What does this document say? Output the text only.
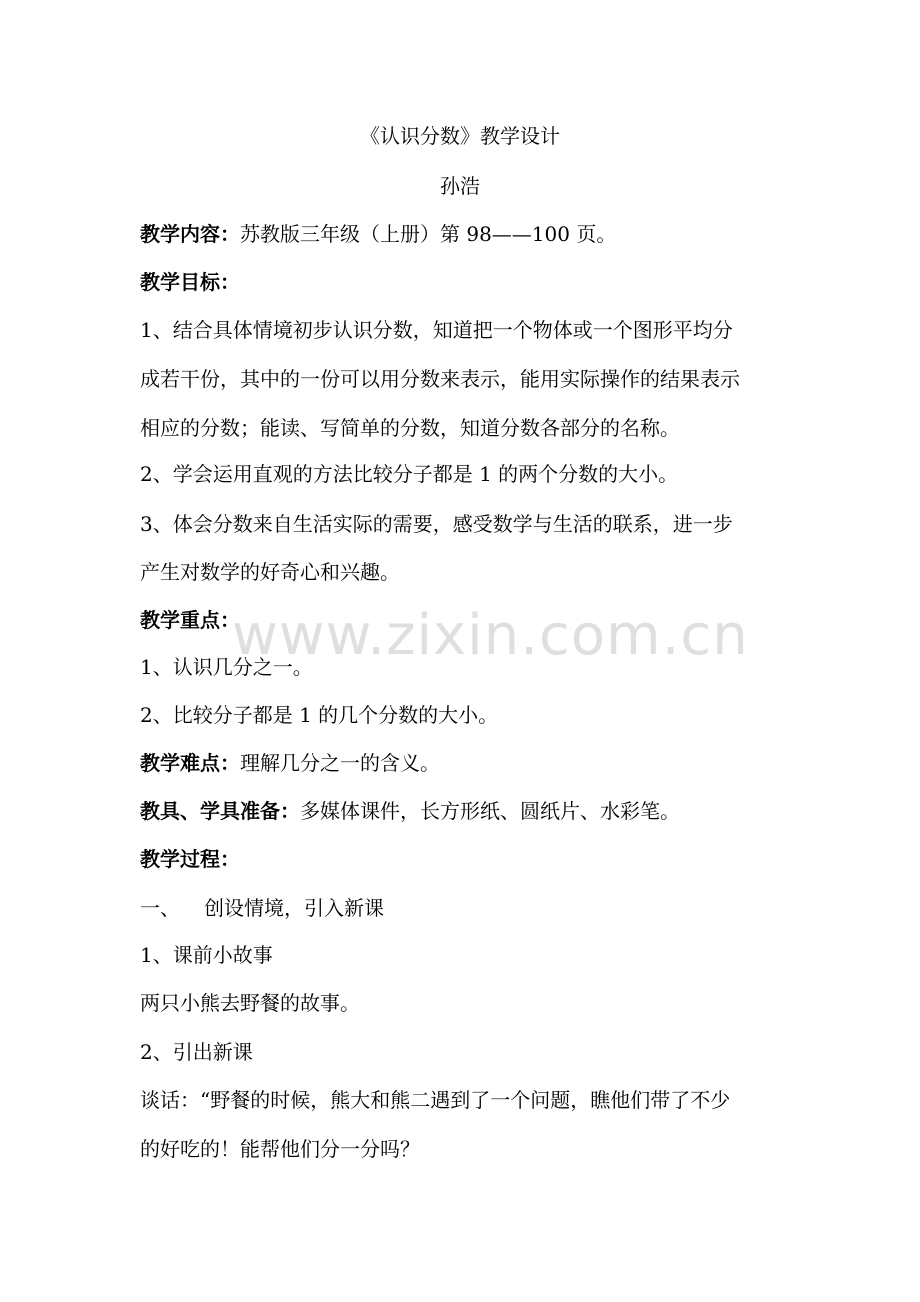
《认识分数》教学设计
孙浩
教学内容：苏教版三年级（上册）第 98——100 页。
教学目标：
1、结合具体情境初步认识分数，知道把一个物体或一个图形平均分
成若干份，其中的一份可以用分数来表示，能用实际操作的结果表示
相应的分数；能读、写简单的分数，知道分数各部分的名称。
2、学会运用直观的方法比较分子都是 1 的两个分数的大小。
3、体会分数来自生活实际的需要，感受数学与生活的联系，进一步
产生对数学的好奇心和兴趣。
教学重点：
1、认识几分之一。
2、比较分子都是 1 的几个分数的大小。
教学难点：理解几分之一的含义。
教具、学具准备：多媒体课件，长方形纸、圆纸片、水彩笔。
教学过程：
一、 创设情境，引入新课
1、课前小故事
两只小熊去野餐的故事。
2、引出新课
谈话：“野餐的时候，熊大和熊二遇到了一个问题，瞧他们带了不少
的好吃的！能帮他们分一分吗？
www.zixin.com.cn
